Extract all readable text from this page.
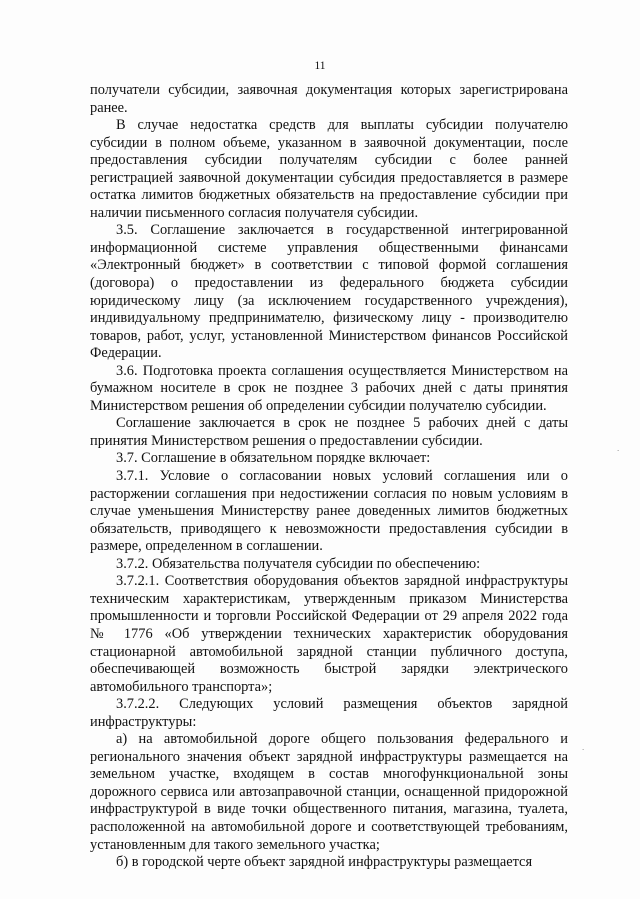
11

получатели субсидии, заявочная документация которых зарегистрирована ранее.

В случае недостатка средств для выплаты субсидии получателю субсидии в полном объеме, указанном в заявочной документации, после предоставления субсидии получателям субсидии с более ранней регистрацией заявочной документации субсидия предоставляется в размере остатка лимитов бюджетных обязательств на предоставление субсидии при наличии письменного согласия получателя субсидии.

3.5. Соглашение заключается в государственной интегрированной информационной системе управления общественными финансами «Электронный бюджет» в соответствии с типовой формой соглашения (договора) о предоставлении из федерального бюджета субсидии юридическому лицу (за исключением государственного учреждения), индивидуальному предпринимателю, физическому лицу - производителю товаров, работ, услуг, установленной Министерством финансов Российской Федерации.

3.6. Подготовка проекта соглашения осуществляется Министерством на бумажном носителе в срок не позднее 3 рабочих дней с даты принятия Министерством решения об определении субсидии получателю субсидии.

Соглашение заключается в срок не позднее 5 рабочих дней с даты принятия Министерством решения о предоставлении субсидии.

3.7. Соглашение в обязательном порядке включает:

3.7.1. Условие о согласовании новых условий соглашения или о расторжении соглашения при недостижении согласия по новым условиям в случае уменьшения Министерству ранее доведенных лимитов бюджетных обязательств, приводящего к невозможности предоставления субсидии в размере, определенном в соглашении.

3.7.2. Обязательства получателя субсидии по обеспечению:

3.7.2.1. Соответствия оборудования объектов зарядной инфраструктуры техническим характеристикам, утвержденным приказом Министерства промышленности и торговли Российской Федерации от 29 апреля 2022 года № 1776 «Об утверждении технических характеристик оборудования стационарной автомобильной зарядной станции публичного доступа, обеспечивающей возможность быстрой зарядки электрического автомобильного транспорта»;

3.7.2.2. Следующих условий размещения объектов зарядной инфраструктуры:

а) на автомобильной дороге общего пользования федерального и регионального значения объект зарядной инфраструктуры размещается на земельном участке, входящем в состав многофункциональной зоны дорожного сервиса или автозаправочной станции, оснащенной придорожной инфраструктурой в виде точки общественного питания, магазина, туалета, расположенной на автомобильной дороге и соответствующей требованиям, установленным для такого земельного участка;

б) в городской черте объект зарядной инфраструктуры размещается

·
·
